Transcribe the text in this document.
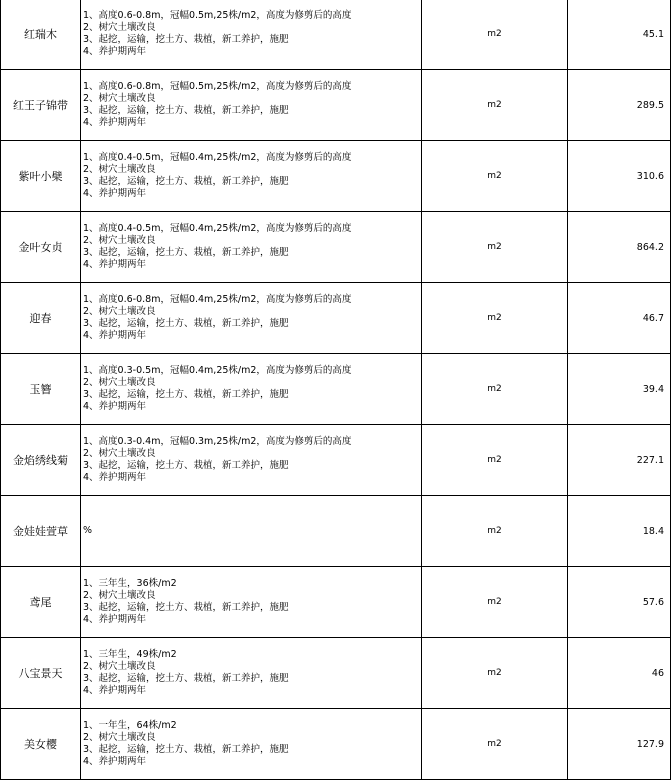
红瑞木	1、高度0.6-0.8m，冠幅0.5m,25株/m2，高度为修剪后的高度
2、树穴土壤改良
3、起挖，运输，挖土方、栽植，新工养护，施肥
4、养护期两年	m2	45.1
红王子锦带	1、高度0.6-0.8m，冠幅0.5m,25株/m2，高度为修剪后的高度
2、树穴土壤改良
3、起挖，运输，挖土方、栽植，新工养护，施肥
4、养护期两年	m2	289.5
紫叶小檗	1、高度0.4-0.5m，冠幅0.4m,25株/m2，高度为修剪后的高度
2、树穴土壤改良
3、起挖，运输，挖土方、栽植，新工养护，施肥
4、养护期两年	m2	310.6
金叶女贞	1、高度0.4-0.5m，冠幅0.4m,25株/m2，高度为修剪后的高度
2、树穴土壤改良
3、起挖，运输，挖土方、栽植，新工养护，施肥
4、养护期两年	m2	864.2
迎春	1、高度0.6-0.8m，冠幅0.4m,25株/m2，高度为修剪后的高度
2、树穴土壤改良
3、起挖，运输，挖土方、栽植，新工养护，施肥
4、养护期两年	m2	46.7
玉簪	1、高度0.3-0.5m，冠幅0.4m,25株/m2，高度为修剪后的高度
2、树穴土壤改良
3、起挖，运输，挖土方、栽植，新工养护，施肥
4、养护期两年	m2	39.4
金焰绣线菊	1、高度0.3-0.4m，冠幅0.3m,25株/m2，高度为修剪后的高度
2、树穴土壤改良
3、起挖，运输，挖土方、栽植，新工养护，施肥
4、养护期两年	m2	227.1
金娃娃萱草	%	m2	18.4
鸢尾	1、三年生，36株/m2
2、树穴土壤改良
3、起挖，运输，挖土方、栽植，新工养护，施肥
4、养护期两年	m2	57.6
八宝景天	1、三年生，49株/m2
2、树穴土壤改良
3、起挖，运输，挖土方、栽植，新工养护，施肥
4、养护期两年	m2	46
美女樱	1、一年生，64株/m2
2、树穴土壤改良
3、起挖，运输，挖土方、栽植，新工养护，施肥
4、养护期两年	m2	127.9
